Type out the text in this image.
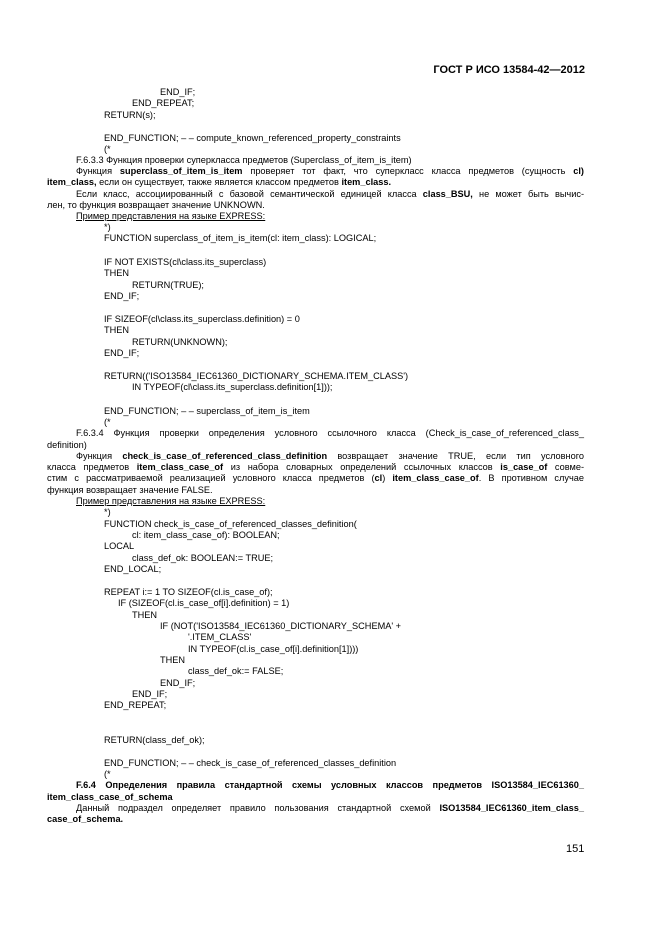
ГОСТ Р ИСО 13584-42—2012
END_IF;
END_REPEAT;
RETURN(s);
END_FUNCTION; – – compute_known_referenced_property_constraints
(*
F.6.3.3 Функция проверки суперкласса предметов (Superclass_of_item_is_item)
Функция superclass_of_item_is_item проверяет тот факт, что суперкласс класса предметов (сущность cl)
item_class, если он существует, также является классом предметов item_class.
Если класс, ассоциированный с базовой семантической единицей класса class_BSU, не может быть вычис-
лен, то функция возвращает значение UNKNOWN.
Пример представления на языке EXPRESS:
*)
FUNCTION superclass_of_item_is_item(cl: item_class): LOGICAL;
IF NOT EXISTS(cl\class.its_superclass)
THEN
RETURN(TRUE);
END_IF;
IF SIZEOF(cl\class.its_superclass.definition) = 0
THEN
RETURN(UNKNOWN);
END_IF;
RETURN(('ISO13584_IEC61360_DICTIONARY_SCHEMA.ITEM_CLASS')
IN TYPEOF(cl\class.its_superclass.definition[1]));
END_FUNCTION; – – superclass_of_item_is_item
(*
F.6.3.4 Функция проверки определения условного ссылочного класса (Check_is_case_of_referenced_class_
definition)
Функция check_is_case_of_referenced_class_definition возвращает значение TRUE, если тип условного
класса предметов item_class_case_of из набора словарных определений ссылочных классов is_case_of совме-
стим с рассматриваемой реализацией условного класса предметов (cl) item_class_case_of. В противном случае
функция возвращает значение FALSE.
Пример представления на языке EXPRESS:
*)
FUNCTION check_is_case_of_referenced_classes_definition(
cl: item_class_case_of): BOOLEAN;
LOCAL
class_def_ok: BOOLEAN:= TRUE;
END_LOCAL;
REPEAT i:= 1 TO SIZEOF(cl.is_case_of);
IF (SIZEOF(cl.is_case_of[i].definition) = 1)
THEN
IF (NOT('ISO13584_IEC61360_DICTIONARY_SCHEMA' +
'.ITEM_CLASS'
IN TYPEOF(cl.is_case_of[i].definition[1])))
THEN
class_def_ok:= FALSE;
END_IF;
END_IF;
END_REPEAT;
RETURN(class_def_ok);
END_FUNCTION; – – check_is_case_of_referenced_classes_definition
(*
F.6.4 Определения правила стандартной схемы условных классов предметов ISO13584_IEC61360_
item_class_case_of_schema
Данный подраздел определяет правило пользования стандартной схемой ISO13584_IEC61360_item_class_
case_of_schema.
151
